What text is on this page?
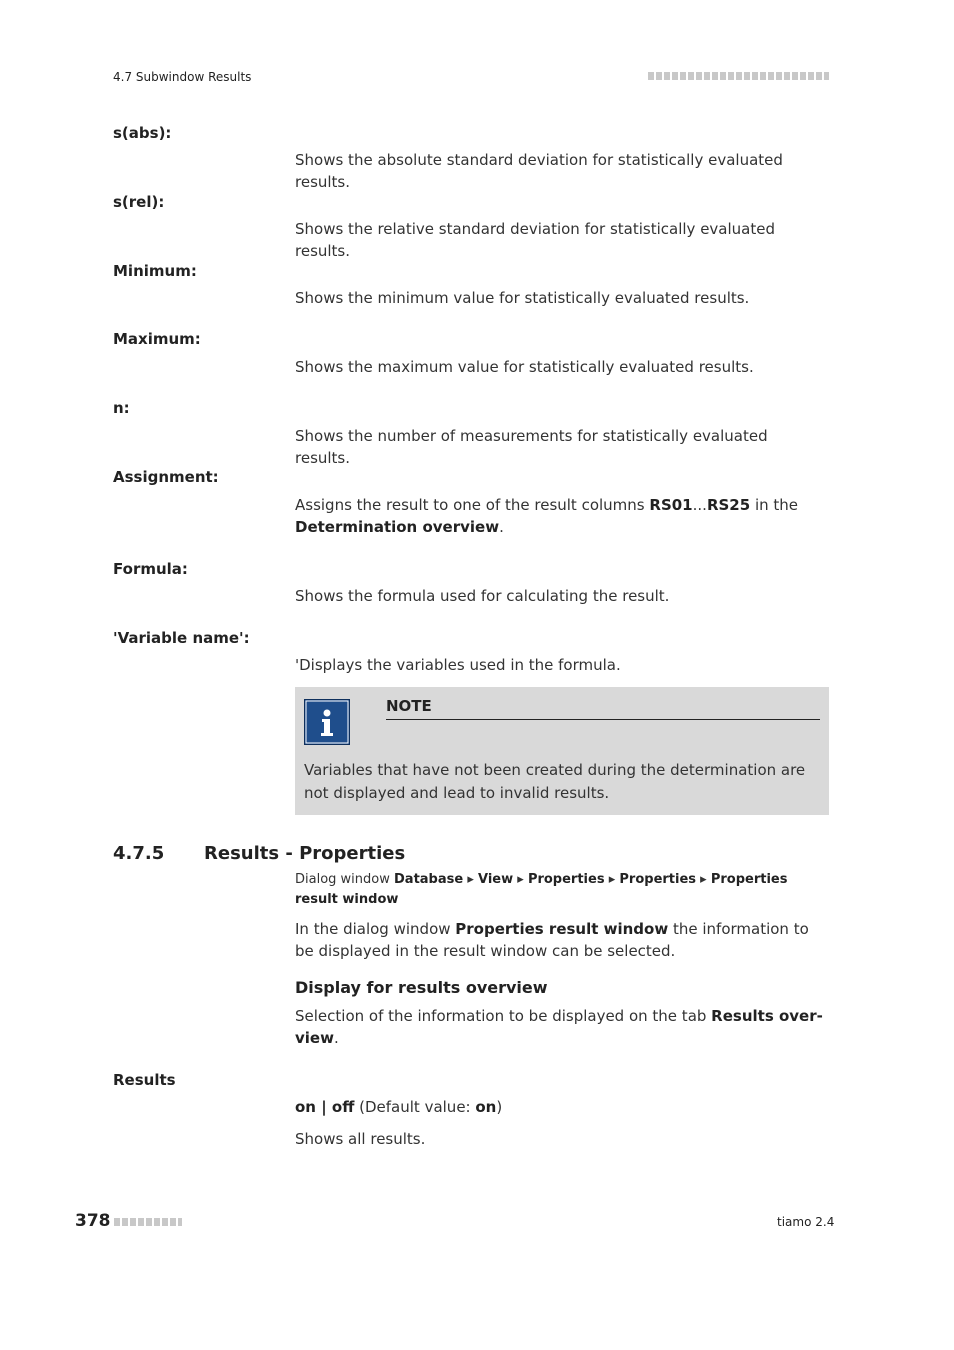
4.7 Subwindow Results
s(abs):
Shows the absolute standard deviation for statistically evaluated results.
s(rel):
Shows the relative standard deviation for statistically evaluated results.
Minimum:
Shows the minimum value for statistically evaluated results.
Maximum:
Shows the maximum value for statistically evaluated results.
n:
Shows the number of measurements for statistically evaluated results.
Assignment:
Assigns the result to one of the result columns RS01...RS25 in the Determination overview.
Formula:
Shows the formula used for calculating the result.
'Variable name':
'Displays the variables used in the formula.
NOTE
Variables that have not been created during the determination are not displayed and lead to invalid results.
4.7.5 Results - Properties
Dialog window Database ▸ View ▸ Properties ▸ Properties ▸ Properties result window
In the dialog window Properties result window the information to be displayed in the result window can be selected.
Display for results overview
Selection of the information to be displayed on the tab Results over-view.
Results
on | off (Default value: on)
Shows all results.
378	tiamo 2.4
